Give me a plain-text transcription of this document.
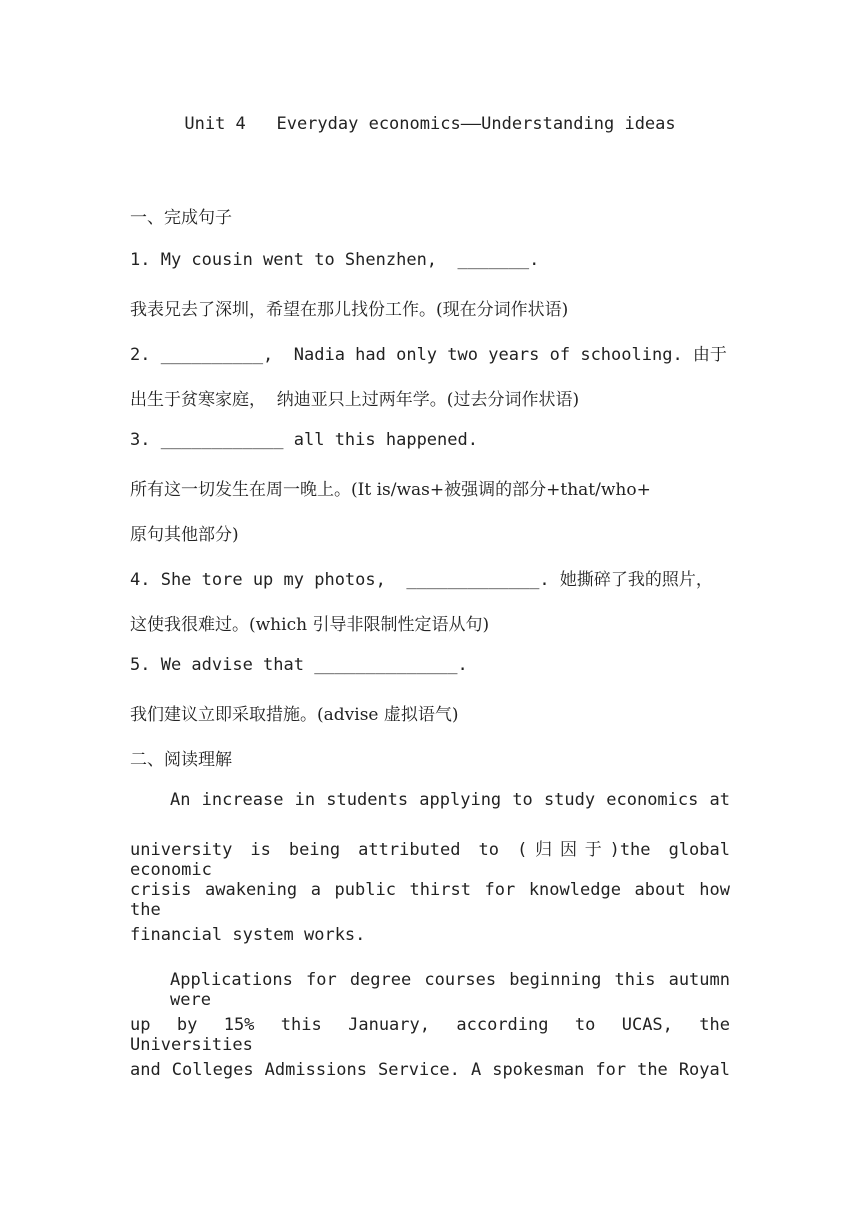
Unit 4   Everyday economics——Understanding ideas
一、完成句子
1. My cousin went to Shenzhen,  _______.
我表兄去了深圳，希望在那儿找份工作。(现在分词作状语)
2. __________,  Nadia had only two years of schooling. 由于
出生于贫寒家庭，  纳迪亚只上过两年学。(过去分词作状语)
3. ____________ all this happened.
所有这一切发生在周一晚上。(It is/was+被强调的部分+that/who+
原句其他部分)
4. She tore up my photos,  _____________. 她撕碎了我的照片，
这使我很难过。(which 引导非限制性定语从句)
5. We advise that ______________.
我们建议立即采取措施。(advise 虚拟语气)
二、阅读理解
An increase in students applying to study economics at
university is being attributed to (归因于)the global economic
crisis awakening a public thirst for knowledge about how the
financial system works.
Applications for degree courses beginning this autumn were
up by 15% this January, according to UCAS, the Universities
and Colleges Admissions Service. A spokesman for the Royal
